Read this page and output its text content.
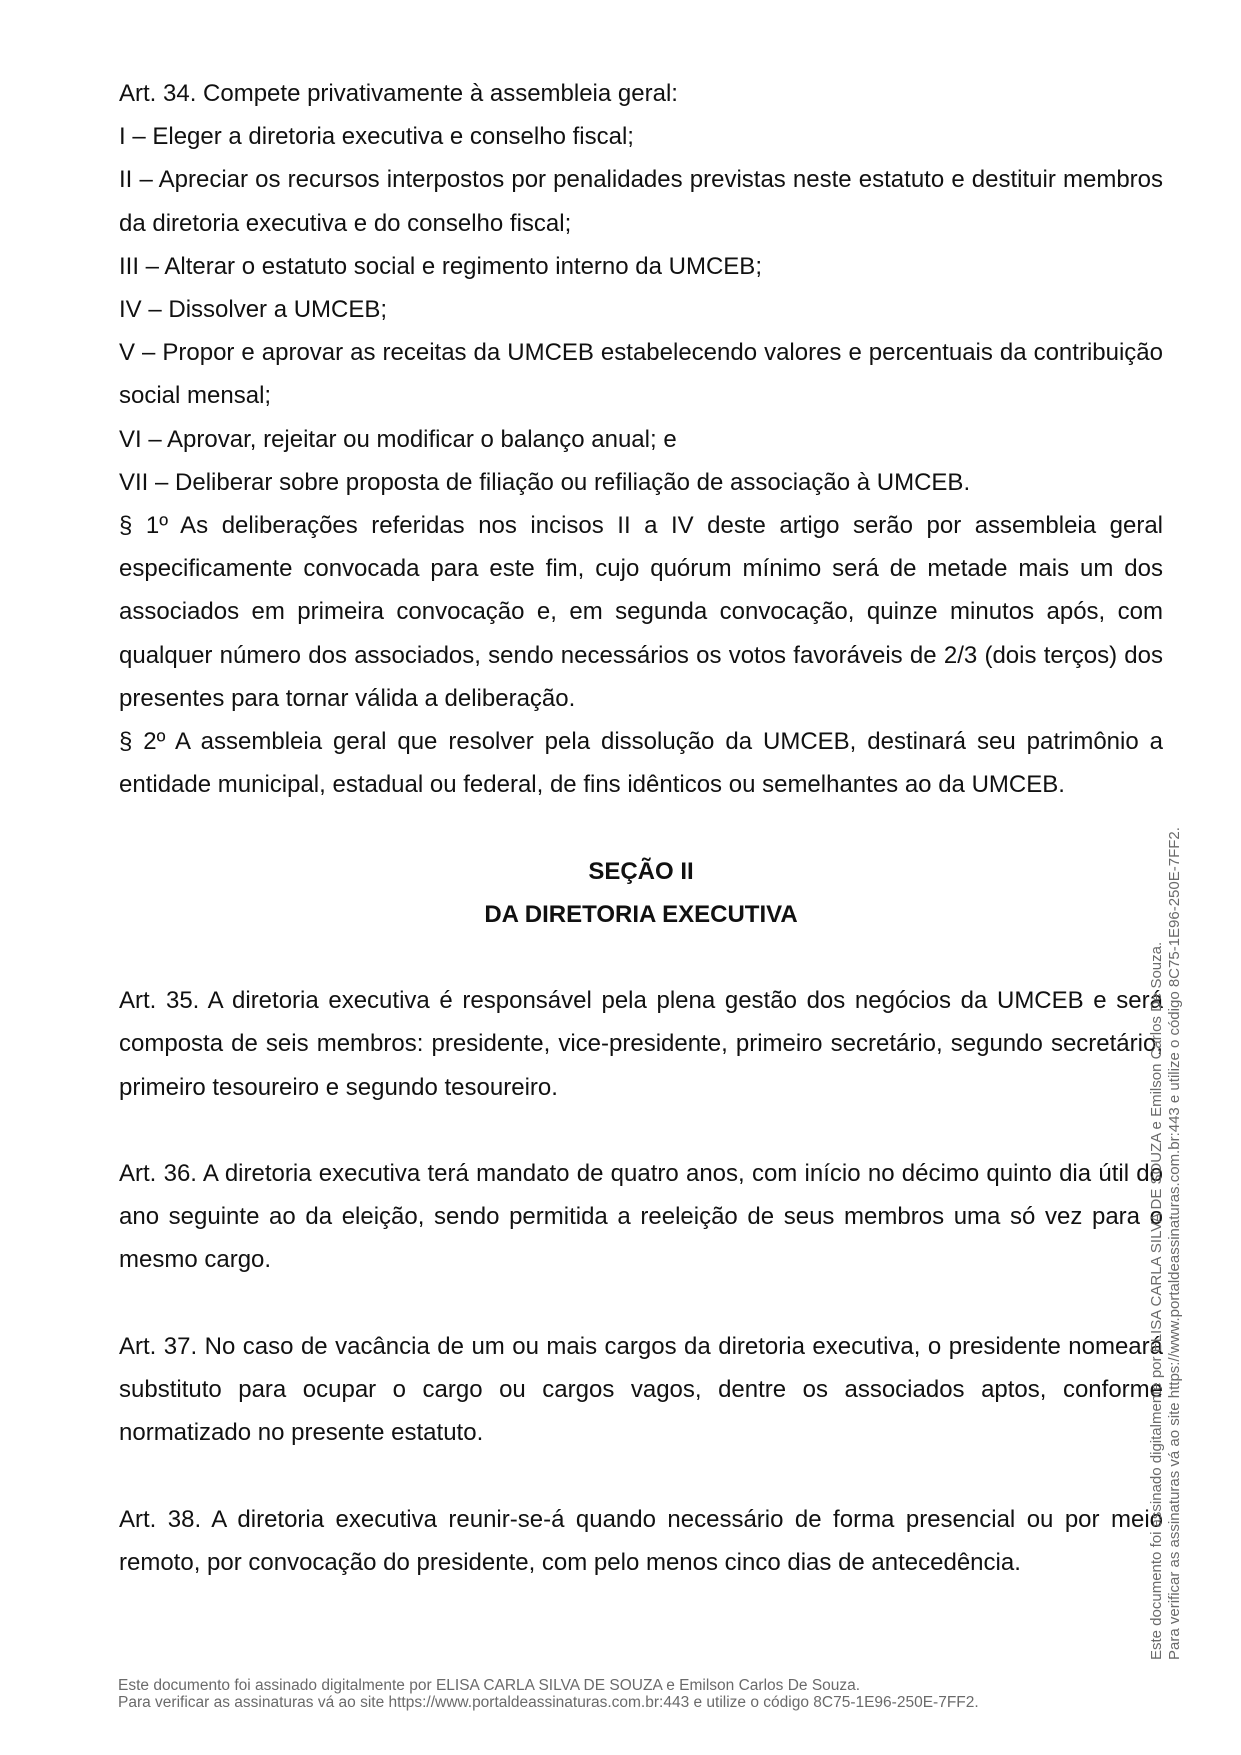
Art. 34. Compete privativamente à assembleia geral:

I – Eleger a diretoria executiva e conselho fiscal;

II – Apreciar os recursos interpostos por penalidades previstas neste estatuto e destituir membros da diretoria executiva e do conselho fiscal;

III – Alterar o estatuto social e regimento interno da UMCEB;

IV – Dissolver a UMCEB;

V – Propor e aprovar as receitas da UMCEB estabelecendo valores e percentuais da contribuição social mensal;

VI – Aprovar, rejeitar ou modificar o balanço anual; e

VII – Deliberar sobre proposta de filiação ou refiliação de associação à UMCEB.

§ 1º As deliberações referidas nos incisos II a IV deste artigo serão por assembleia geral especificamente convocada para este fim, cujo quórum mínimo será de metade mais um dos associados em primeira convocação e, em segunda convocação, quinze minutos após, com qualquer número dos associados, sendo necessários os votos favoráveis de 2/3 (dois terços) dos presentes para tornar válida a deliberação.

§ 2º A assembleia geral que resolver pela dissolução da UMCEB, destinará seu patrimônio a entidade municipal, estadual ou federal, de fins idênticos ou semelhantes ao da UMCEB.

SEÇÃO II

DA DIRETORIA EXECUTIVA

Art. 35. A diretoria executiva é responsável pela plena gestão dos negócios da UMCEB e será composta de seis membros: presidente, vice-presidente, primeiro secretário, segundo secretário, primeiro tesoureiro e segundo tesoureiro.

Art. 36. A diretoria executiva terá mandato de quatro anos, com início no décimo quinto dia útil do ano seguinte ao da eleição, sendo permitida a reeleição de seus membros uma só vez para o mesmo cargo.

Art. 37. No caso de vacância de um ou mais cargos da diretoria executiva, o presidente nomeará substituto para ocupar o cargo ou cargos vagos, dentre os associados aptos, conforme normatizado no presente estatuto.

Art. 38. A diretoria executiva reunir-se-á quando necessário de forma presencial ou por meio remoto, por convocação do presidente, com pelo menos cinco dias de antecedência.	Este documento foi assinado digitalmente por ELISA CARLA SILVA DE SOUZA e Emilson Carlos De Souza. Para verificar as assinaturas vá ao site https://www.portaldeassinaturas.com.br:443 e utilize o código 8C75-1E96-250E-7FF2.
Este documento foi assinado digitalmente por ELISA CARLA SILVA DE SOUZA e Emilson Carlos De Souza.
Para verificar as assinaturas vá ao site https://www.portaldeassinaturas.com.br:443 e utilize o código 8C75-1E96-250E-7FF2.
